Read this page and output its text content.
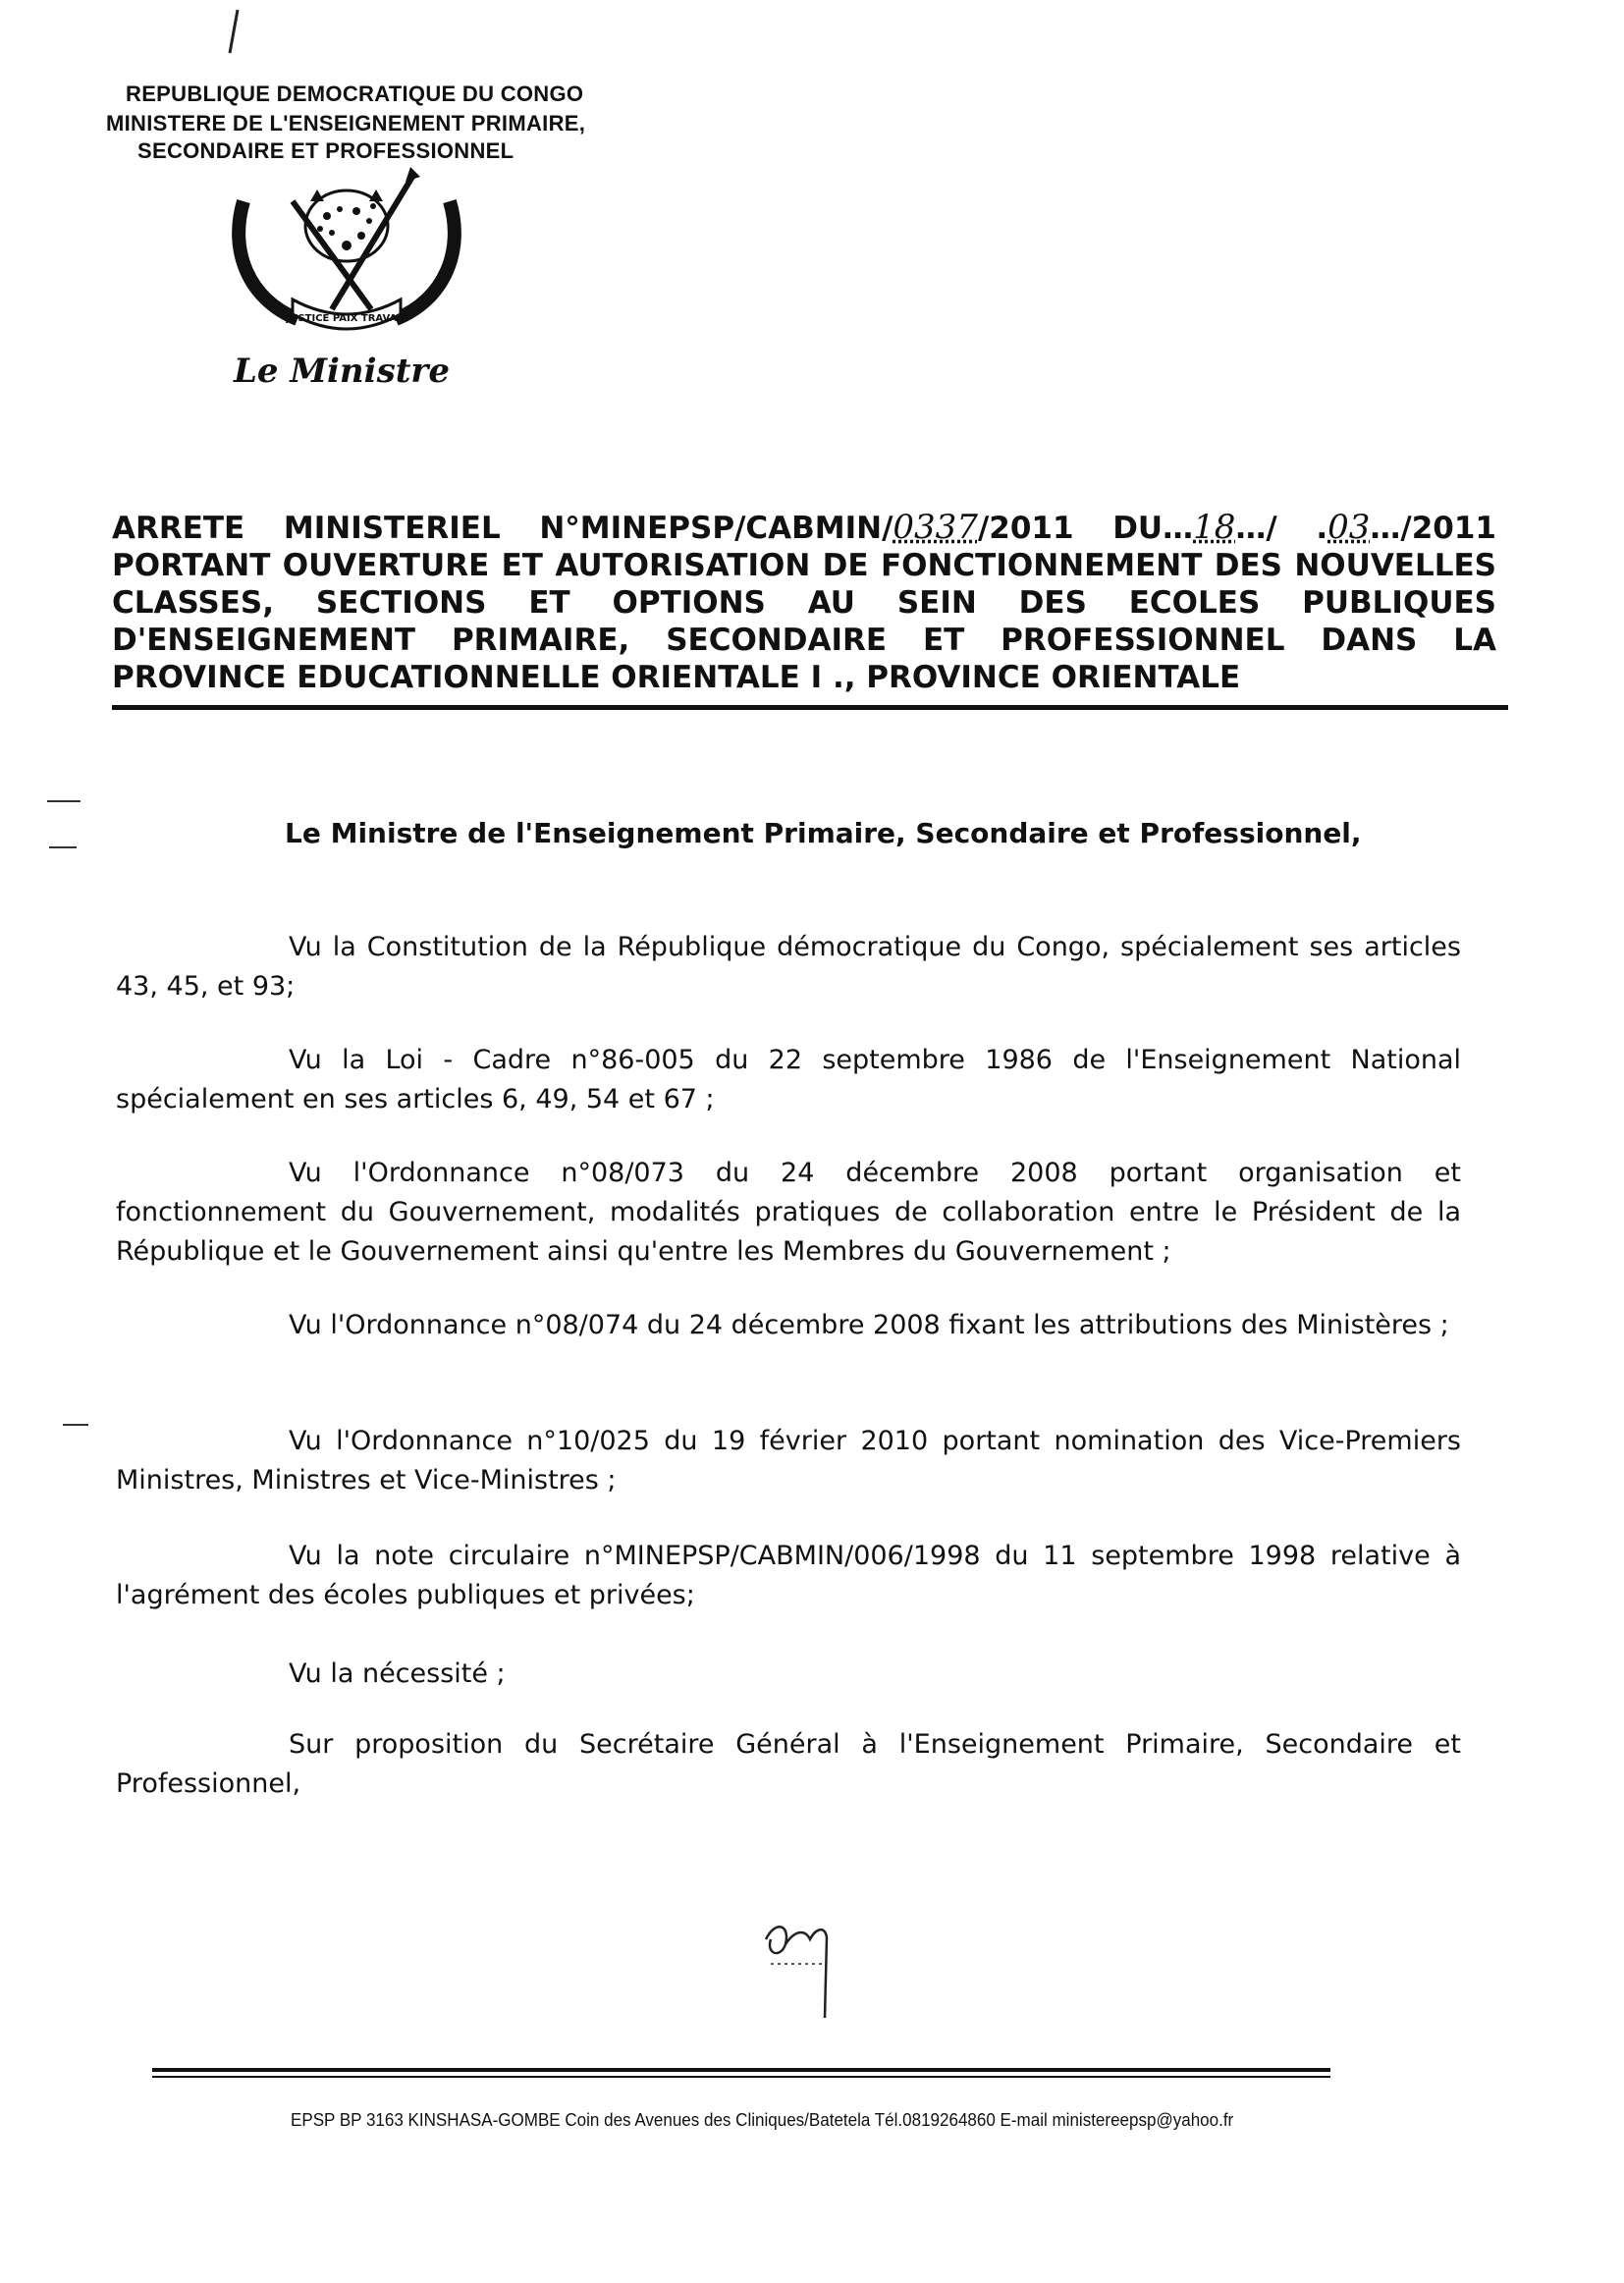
REPUBLIQUE DEMOCRATIQUE DU CONGO
MINISTERE DE L'ENSEIGNEMENT PRIMAIRE,
SECONDAIRE ET PROFESSIONNEL
JUSTICE PAIX TRAVAIL
Le Ministre
ARRETE MINISTERIEL N°MINEPSP/CABMIN/0337/2011 DU…18…/ .03…/2011
PORTANT OUVERTURE ET AUTORISATION DE FONCTIONNEMENT DES NOUVELLES
CLASSES, SECTIONS ET OPTIONS AU SEIN DES ECOLES PUBLIQUES
D'ENSEIGNEMENT PRIMAIRE, SECONDAIRE ET PROFESSIONNEL DANS LA
PROVINCE EDUCATIONNELLE ORIENTALE I ., PROVINCE ORIENTALE
Le Ministre de l'Enseignement Primaire, Secondaire et Professionnel,
Vu la Constitution de la République démocratique du Congo, spécialement ses articles 43, 45, et 93;
Vu la Loi - Cadre n°86-005 du 22 septembre 1986 de l'Enseignement National spécialement en ses articles 6, 49, 54 et 67 ;
Vu l'Ordonnance n°08/073 du 24 décembre 2008 portant organisation et fonctionnement du Gouvernement, modalités pratiques de collaboration entre le Président de la République et le Gouvernement ainsi qu'entre les Membres du Gouvernement ;
Vu l'Ordonnance n°08/074 du 24 décembre 2008 fixant les attributions des Ministères ;
Vu l'Ordonnance n°10/025 du 19 février 2010 portant nomination des Vice-Premiers Ministres, Ministres et Vice-Ministres ;
Vu la note circulaire n°MINEPSP/CABMIN/006/1998 du 11 septembre 1998 relative à l'agrément des écoles publiques et privées;
Vu la nécessité ;
Sur proposition du Secrétaire Général à l'Enseignement Primaire, Secondaire et Professionnel,
EPSP BP 3163 KINSHASA-GOMBE Coin des Avenues des Cliniques/Batetela Tél.0819264860 E-mail ministereepsp@yahoo.fr
